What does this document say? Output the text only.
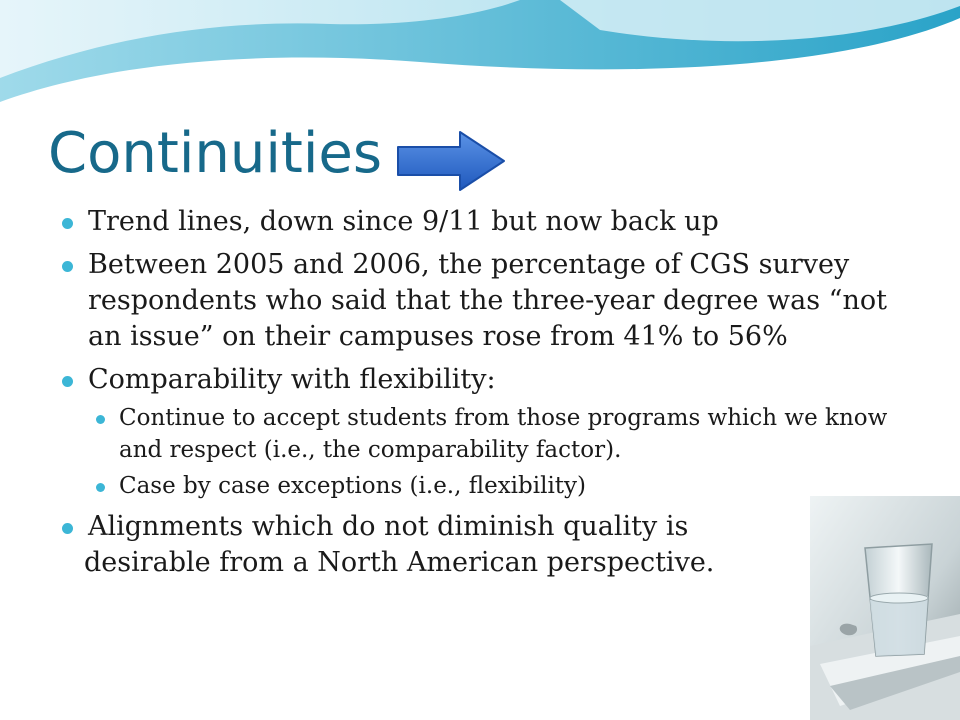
Continuities
Trend lines, down since 9/11 but now back up
Between 2005 and 2006, the percentage of CGS survey respondents who said that the three-year degree was “not an issue” on their campuses rose from 41% to 56%
Comparability with flexibility:
Continue to accept students from those programs which we know and respect (i.e., the comparability factor).
Case by case exceptions (i.e., flexibility)
Alignments which do not diminish quality is
desirable from a North American perspective.
